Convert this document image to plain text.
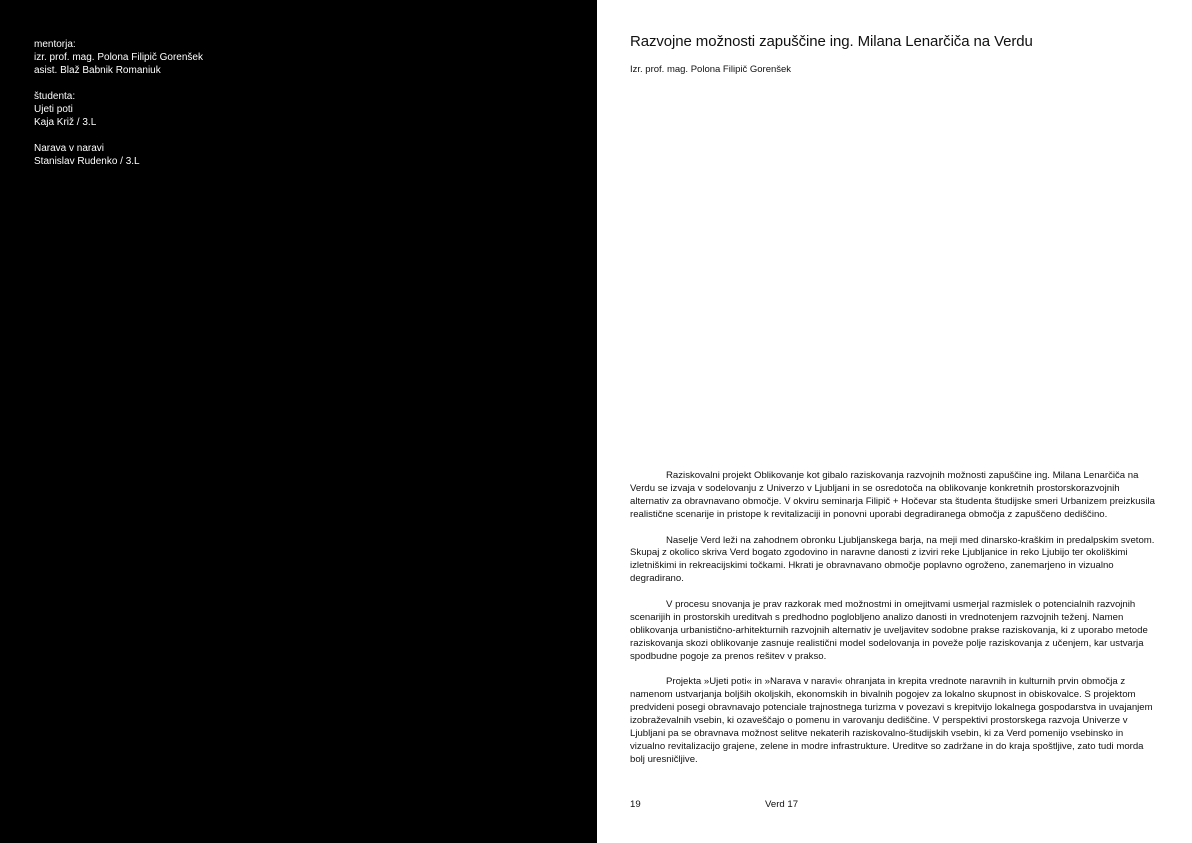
mentorja:
izr. prof. mag. Polona Filipič Gorenšek
asist. Blaž Babnik Romaniuk
študenta:
Ujeti poti
Kaja Križ / 3.L
Narava v naravi
Stanislav Rudenko / 3.L
Razvojne možnosti zapuščine ing. Milana Lenarčiča na Verdu
Izr. prof. mag. Polona Filipič Gorenšek

Raziskovalni projekt Oblikovanje kot gibalo raziskovanja razvojnih možnosti zapuščine ing. Milana Lenarčiča na Verdu se izvaja v sodelovanju z Univerzo v Ljubljani in se osredotoča na oblikovanje konkretnih prostorskorazvojnih alternativ za obravnavano območje. V okviru seminarja Filipič + Hočevar sta študenta študijske smeri Urbanizem preizkusila realistične scenarije in pristope k revitalizaciji in ponovni uporabi degradiranega območja z zapuščeno dediščino.

Naselje Verd leži na zahodnem obronku Ljubljanskega barja, na meji med dinarsko-kraškim in predalpskim svetom. Skupaj z okolico skriva Verd bogato zgodovino in naravne danosti z izviri reke Ljubljanice in reko Ljubijo ter okoliškimi izletniškimi in rekreacijskimi točkami. Hkrati je obravnavano območje poplavno ogroženo, zanemarjeno in vizualno degradirano.

V procesu snovanja je prav razkorak med možnostmi in omejitvami usmerjal razmislek o potencialnih razvojnih scenarijih in prostorskih ureditvah s predhodno poglobljeno analizo danosti in vrednotenjem razvojnih teženj. Namen oblikovanja urbanistično-arhitekturnih razvojnih alternativ je uveljavitev sodobne prakse raziskovanja, ki z uporabo metode raziskovanja skozi oblikovanje zasnuje realistični model sodelovanja in poveže polje raziskovanja z učenjem, kar ustvarja spodbudne pogoje za prenos rešitev v prakso.

Projekta »Ujeti poti« in »Narava v naravi« ohranjata in krepita vrednote naravnih in kulturnih prvin območja z namenom ustvarjanja boljših okoljskih, ekonomskih in bivalnih pogojev za lokalno skupnost in obiskovalce. S projektom predvideni posegi obravnavajo potenciale trajnostnega turizma v povezavi s krepitvijo lokalnega gospodarstva in uvajanjem izobraževalnih vsebin, ki ozaveščajo o pomenu in varovanju dediščine. V perspektivi prostorskega razvoja Univerze v Ljubljani pa se obravnava možnost selitve nekaterih raziskovalno-študijskih vsebin, ki za Verd pomenijo vsebinsko in vizualno revitalizacijo grajene, zelene in modre infrastrukture. Ureditve so zadržane in do kraja spoštljive, zato tudi morda bolj uresničljive.

19	Verd 17
